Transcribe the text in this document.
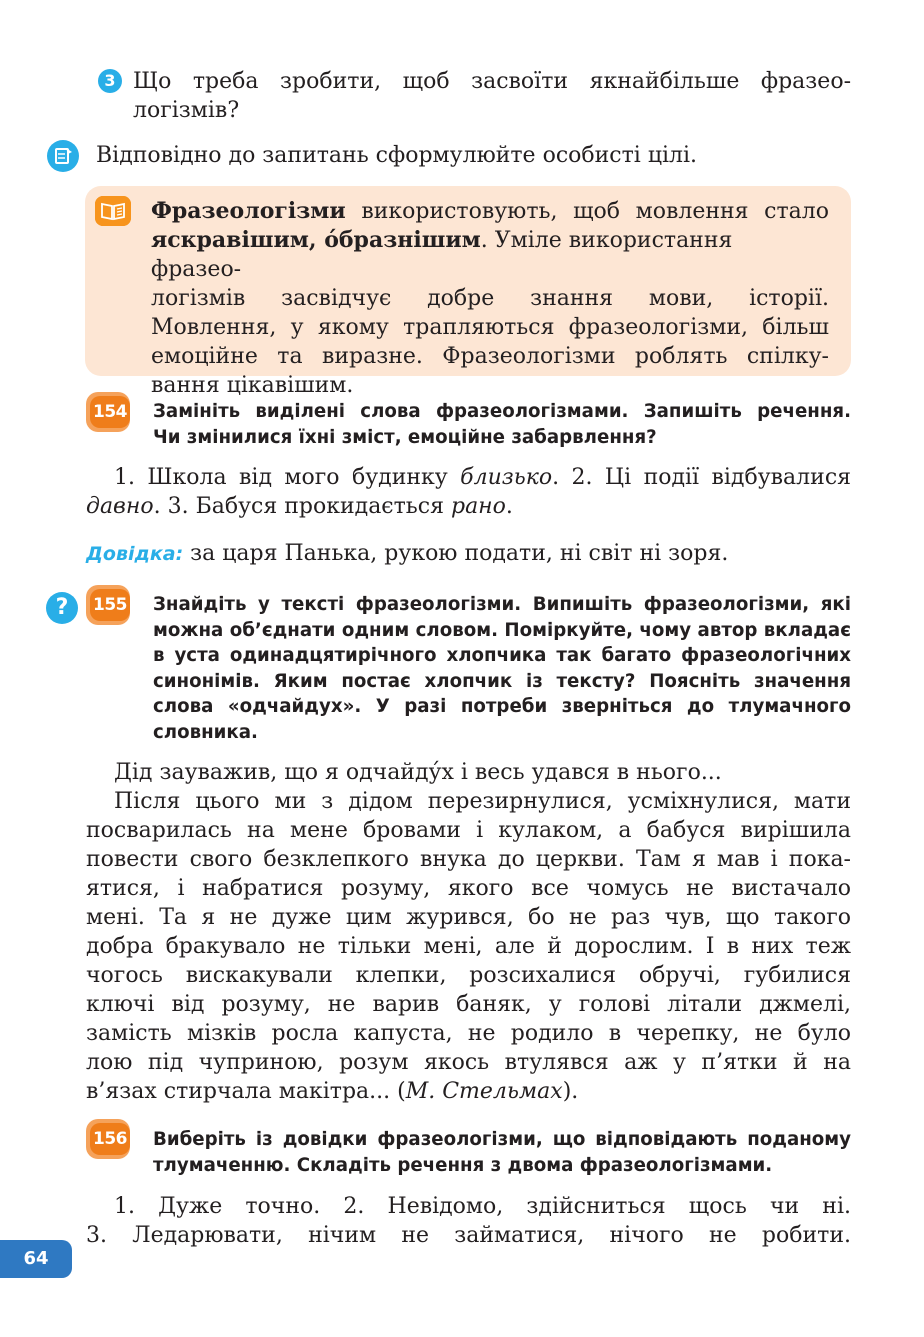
3 Що треба зробити, щоб засвоїти якнайбільше фразео-
логізмів?
Відповідно до запитань сформулюйте особисті цілі.
Фразеологізми використовують, щоб мовлення стало
яскравішим, о́бразнішим. Уміле використання фразео-
логізмів засвідчує добре знання мови, історії.
Мовлення, у якому трапляються фразеологізми, більш
емоційне та виразне. Фразеологізми роблять спілку-
вання цікавішим.
154 Замініть виділені слова фразеологізмами. Запишіть речення.
Чи змінилися їхні зміст, емоційне забарвлення?
1. Школа від мого будинку близько. 2. Ці події відбувалися
давно. 3. Бабуся прокидається рано.
Довідка: за царя Панька, рукою подати, ні світ ні зоря.
?	155 Знайдіть у тексті фразеологізми. Випишіть фразеологізми, які
можна об’єднати одним словом. Поміркуйте, чому автор вкладає
в уста одинадцятирічного хлопчика так багато фразеологічних
синонімів. Яким постає хлопчик із тексту? Поясніть значення
слова «одчайдух». У разі потреби зверніться до тлумачного
словника.
Дід зауважив, що я одчайду́х і весь удався в нього...
Після цього ми з дідом перезирнулися, усміхнулися, мати
посварилась на мене бровами і кулаком, а бабуся вирішила
повести свого безклепкого внука до церкви. Там я мав і пока-
ятися, і набратися розуму, якого все чомусь не вистачало
мені. Та я не дуже цим журився, бо не раз чув, що такого
добра бракувало не тільки мені, але й дорослим. І в них теж
чогось вискакували клепки, розсихалися обручі, губилися
ключі від розуму, не варив баняк, у голові літали джмелі,
замість мізків росла капуста, не родило в черепку, не було
лою під чуприною, розум якось втулявся аж у п’ятки й на
в’язах стирчала макітра... (М. Стельмах).
156 Виберіть із довідки фразеологізми, що відповідають поданому
тлумаченню. Складіть речення з двома фразеологізмами.
1. Дуже точно. 2. Невідомо, здійсниться щось чи ні.
3. Ледарювати, нічим не займатися, нічого не робити.
64
